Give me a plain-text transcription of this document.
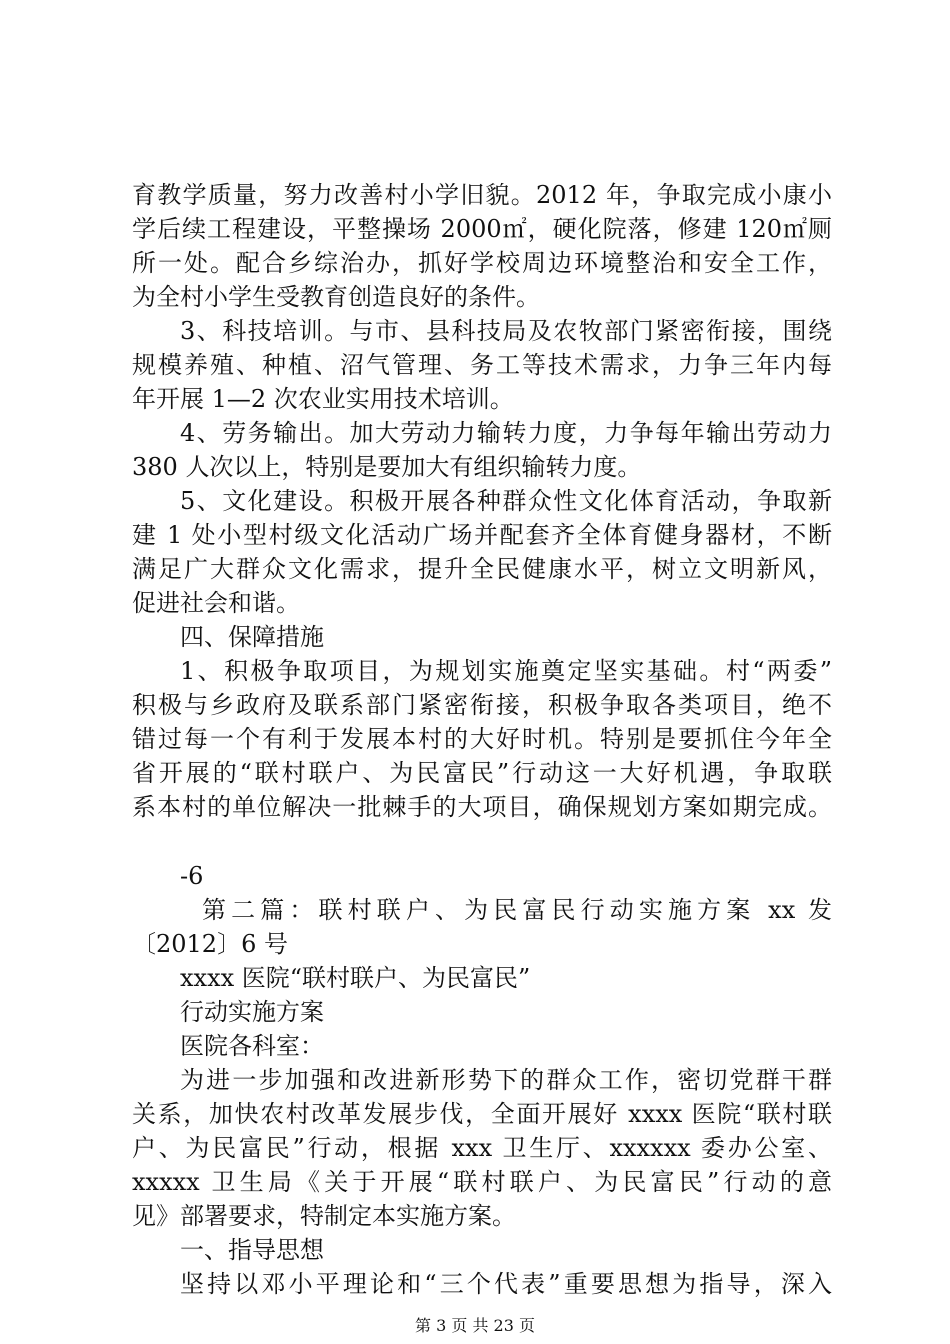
育教学质量，努力改善村小学旧貌。2012 年，争取完成小康小

学后续工程建设，平整操场 2000㎡，硬化院落，修建 120㎡厕

所一处。配合乡综治办，抓好学校周边环境整治和安全工作，

为全村小学生受教育创造良好的条件。

3、科技培训。与市、县科技局及农牧部门紧密衔接，围绕

规模养殖、种植、沼气管理、务工等技术需求，力争三年内每

年开展 1—2 次农业实用技术培训。

4、劳务输出。加大劳动力输转力度，力争每年输出劳动力

380 人次以上，特别是要加大有组织输转力度。

5、文化建设。积极开展各种群众性文化体育活动，争取新

建 1 处小型村级文化活动广场并配套齐全体育健身器材，不断

满足广大群众文化需求，提升全民健康水平，树立文明新风，

促进社会和谐。

四、保障措施

1、积极争取项目，为规划实施奠定坚实基础。村“两委”

积极与乡政府及联系部门紧密衔接，积极争取各类项目，绝不

错过每一个有利于发展本村的大好时机。特别是要抓住今年全

省开展的“联村联户、为民富民”行动这一大好机遇，争取联

系本村的单位解决一批棘手的大项目，确保规划方案如期完成。

-6

第二篇：联村联户、为民富民行动实施方案 xx 发

〔2012〕6 号

xxxx 医院“联村联户、为民富民”

行动实施方案

医院各科室：

为进一步加强和改进新形势下的群众工作，密切党群干群

关系，加快农村改革发展步伐，全面开展好 xxxx 医院“联村联

户、为民富民”行动，根据 xxx 卫生厅、xxxxxx 委办公室、

xxxxx 卫生局《关于开展“联村联户、为民富民”行动的意

见》部署要求，特制定本实施方案。

一、指导思想

坚持以邓小平理论和“三个代表”重要思想为指导，深入

第 3 页 共 23 页
